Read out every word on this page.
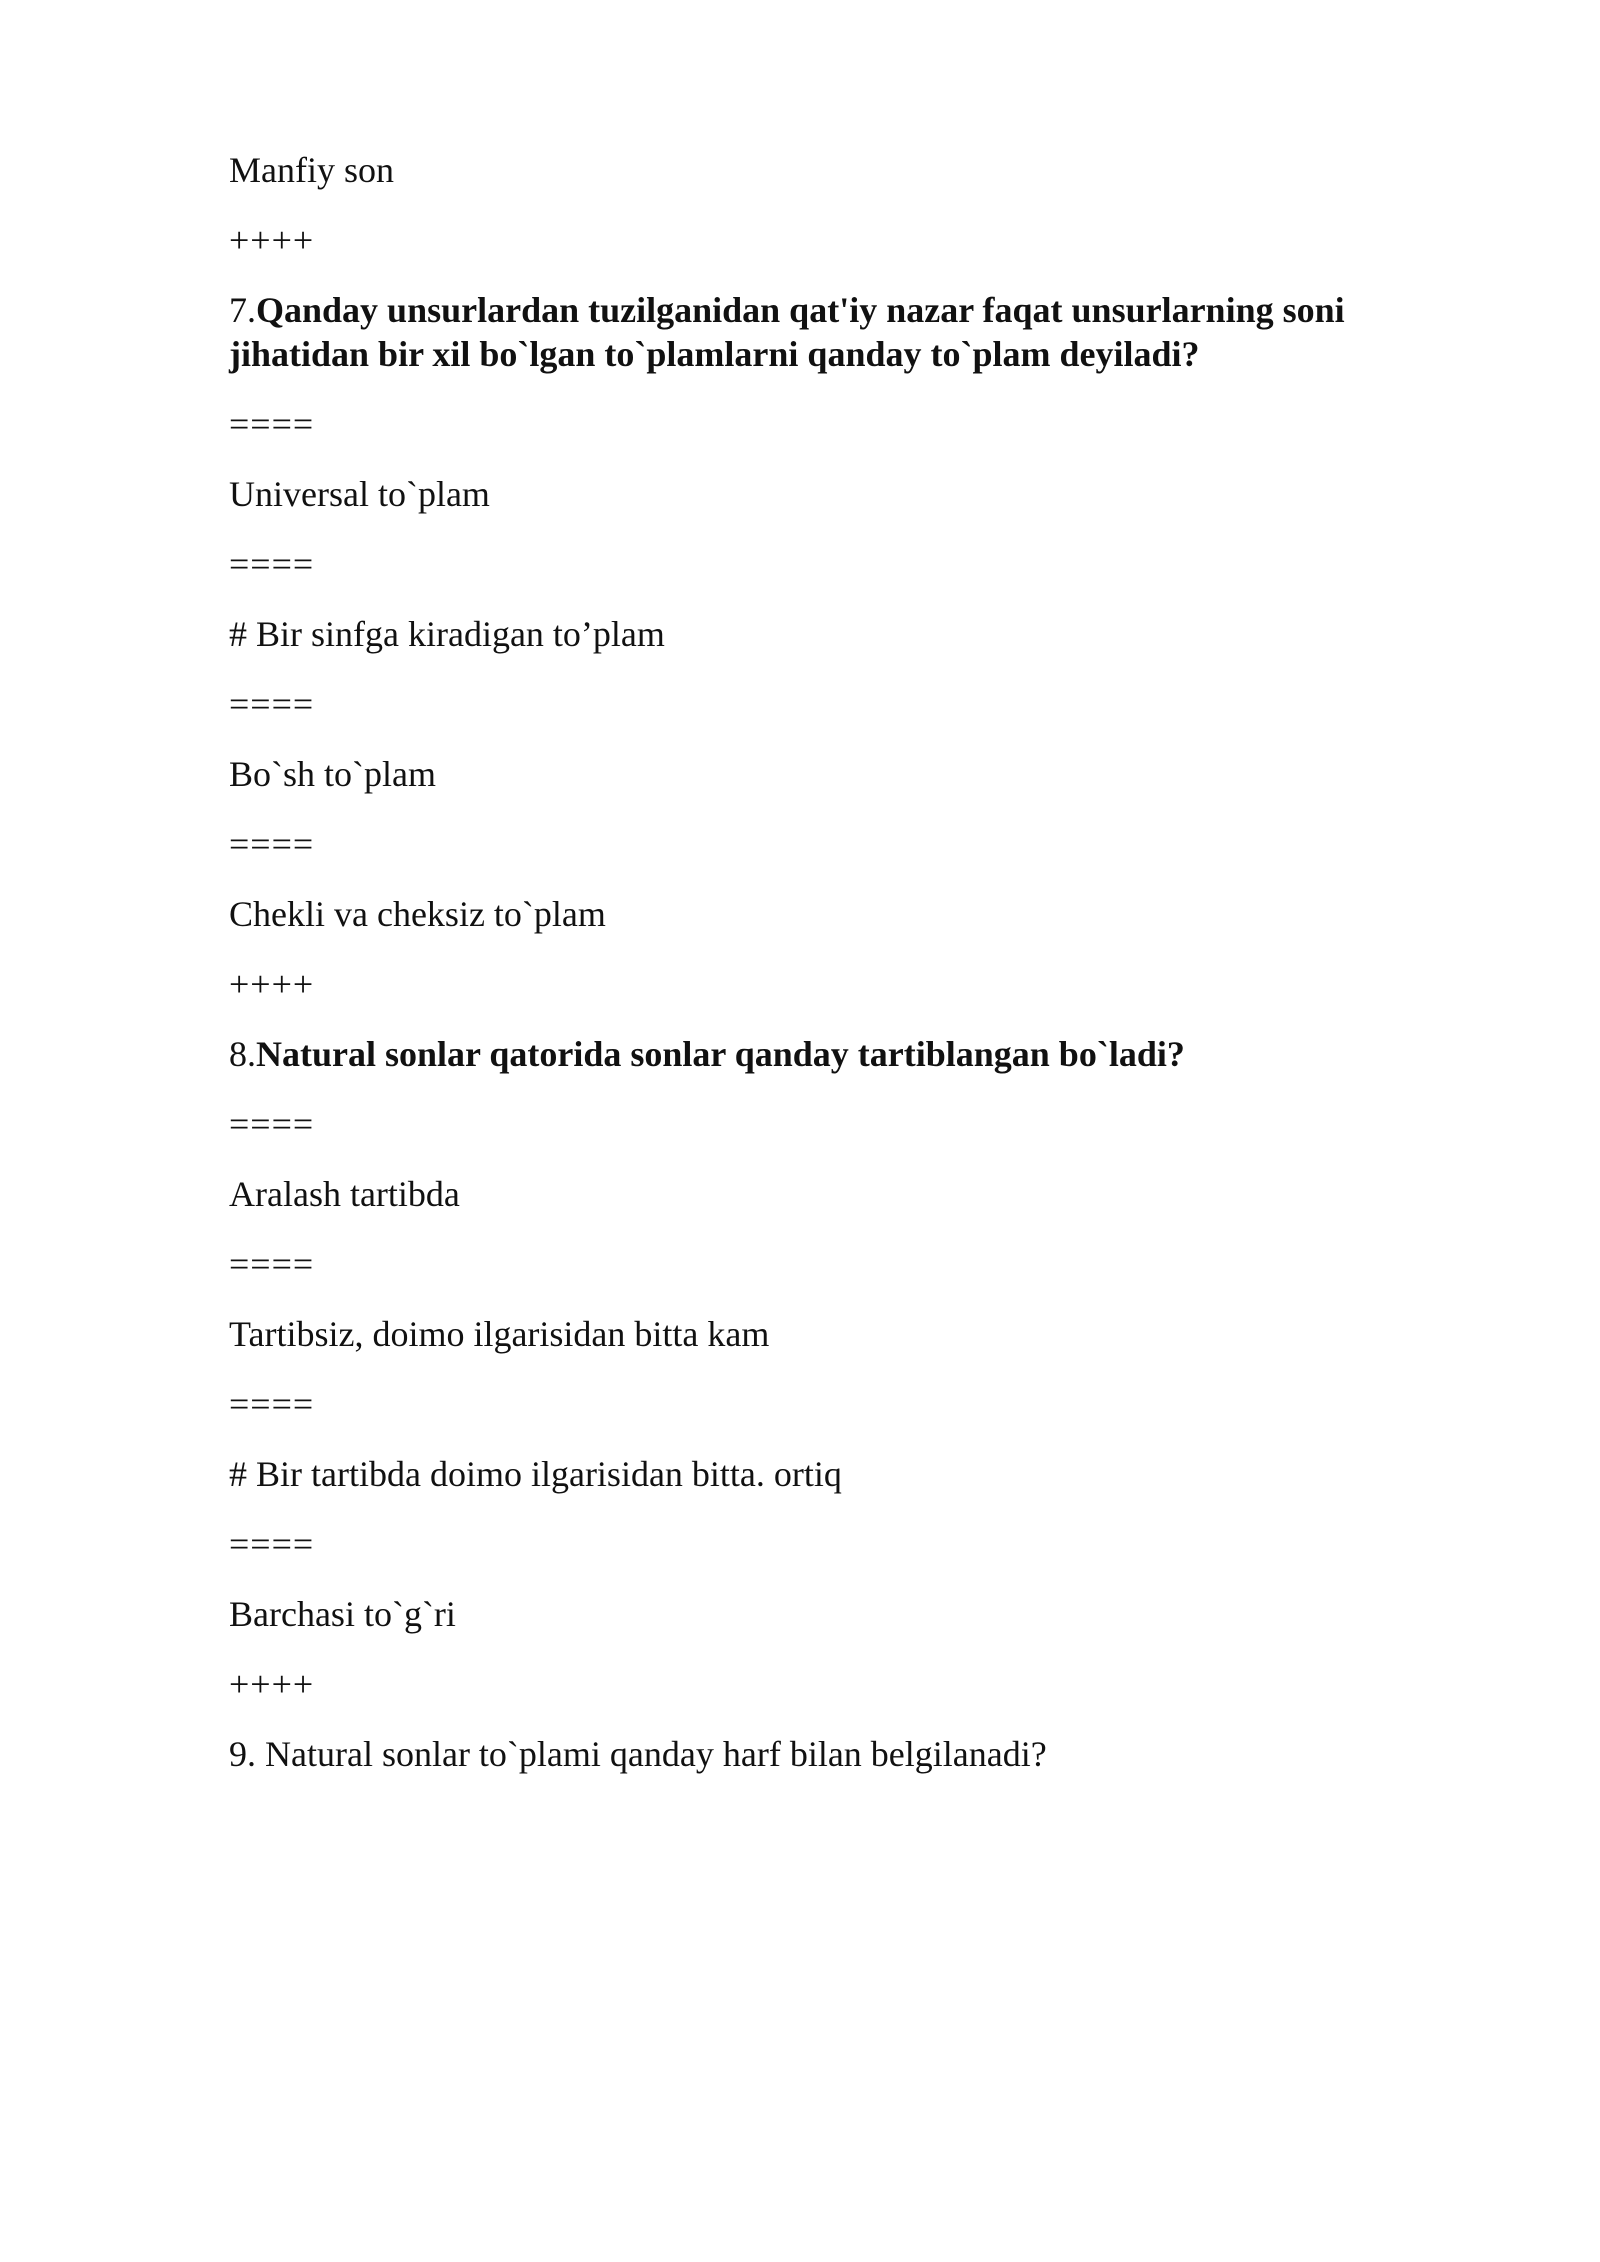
Manfiy son

++++

7.Qanday unsurlardan tuzilganidan qat'iy nazar faqat unsurlarning soni jihatidan bir xil bo`lgan to`plamlarni qanday to`plam deyiladi?

====

Universal to`plam

====

# Bir sinfga kiradigan to’plam

====

Bo`sh to`plam

====

Chekli va cheksiz to`plam

++++

8.Natural sonlar qatorida sonlar qanday tartiblangan bo`ladi?

====

Aralash tartibda

====

Tartibsiz, doimo ilgarisidan bitta kam

====

# Bir tartibda doimo ilgarisidan bitta. ortiq

====

Barchasi to`g`ri

++++

9. Natural sonlar to`plami qanday harf bilan belgilanadi?
